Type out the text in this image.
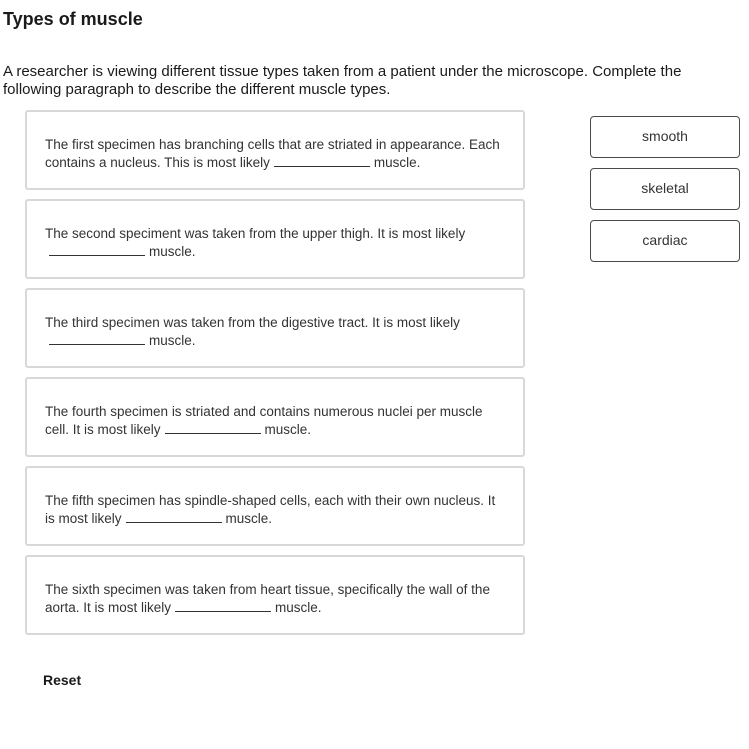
Types of muscle
A researcher is viewing different tissue types taken from a patient under the microscope. Complete the following paragraph to describe the different muscle types.
The first specimen has branching cells that are striated in appearance. Each contains a nucleus. This is most likely	muscle.
The second speciment was taken from the upper thigh. It is most likelymuscle.
The third specimen was taken from the digestive tract. It is most likelymuscle.
The fourth specimen is striated and contains numerous nuclei per muscle cell. It is most likely	muscle.
The fifth specimen has spindle-shaped cells, each with their own nucleus. It is most likely	muscle.
The sixth specimen was taken from heart tissue, specifically the wall of the aorta. It is most likely	muscle.
smooth
skeletal
cardiac
Reset
